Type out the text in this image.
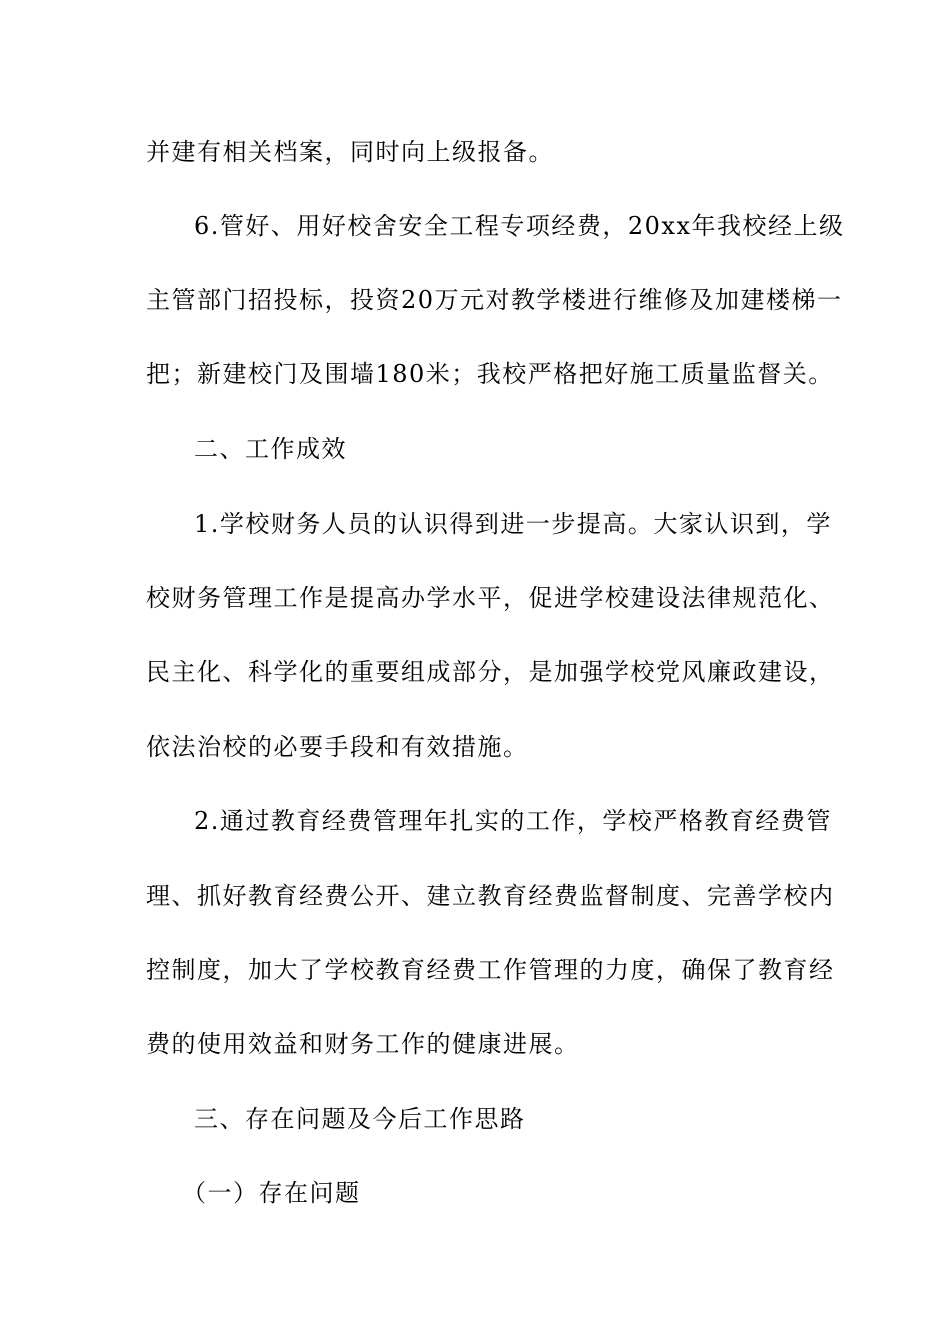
并建有相关档案，同时向上级报备。
6.管好、用好校舍安全工程专项经费，20xx年我校经上级
主管部门招投标，投资20万元对教学楼进行维修及加建楼梯一
把；新建校门及围墙180米；我校严格把好施工质量监督关。
二、工作成效
1.学校财务人员的认识得到进一步提高。大家认识到，学
校财务管理工作是提高办学水平，促进学校建设法律规范化、
民主化、科学化的重要组成部分，是加强学校党风廉政建设，
依法治校的必要手段和有效措施。
2.通过教育经费管理年扎实的工作，学校严格教育经费管
理、抓好教育经费公开、建立教育经费监督制度、完善学校内
控制度，加大了学校教育经费工作管理的力度，确保了教育经
费的使用效益和财务工作的健康进展。
三、存在问题及今后工作思路
（一）存在问题
